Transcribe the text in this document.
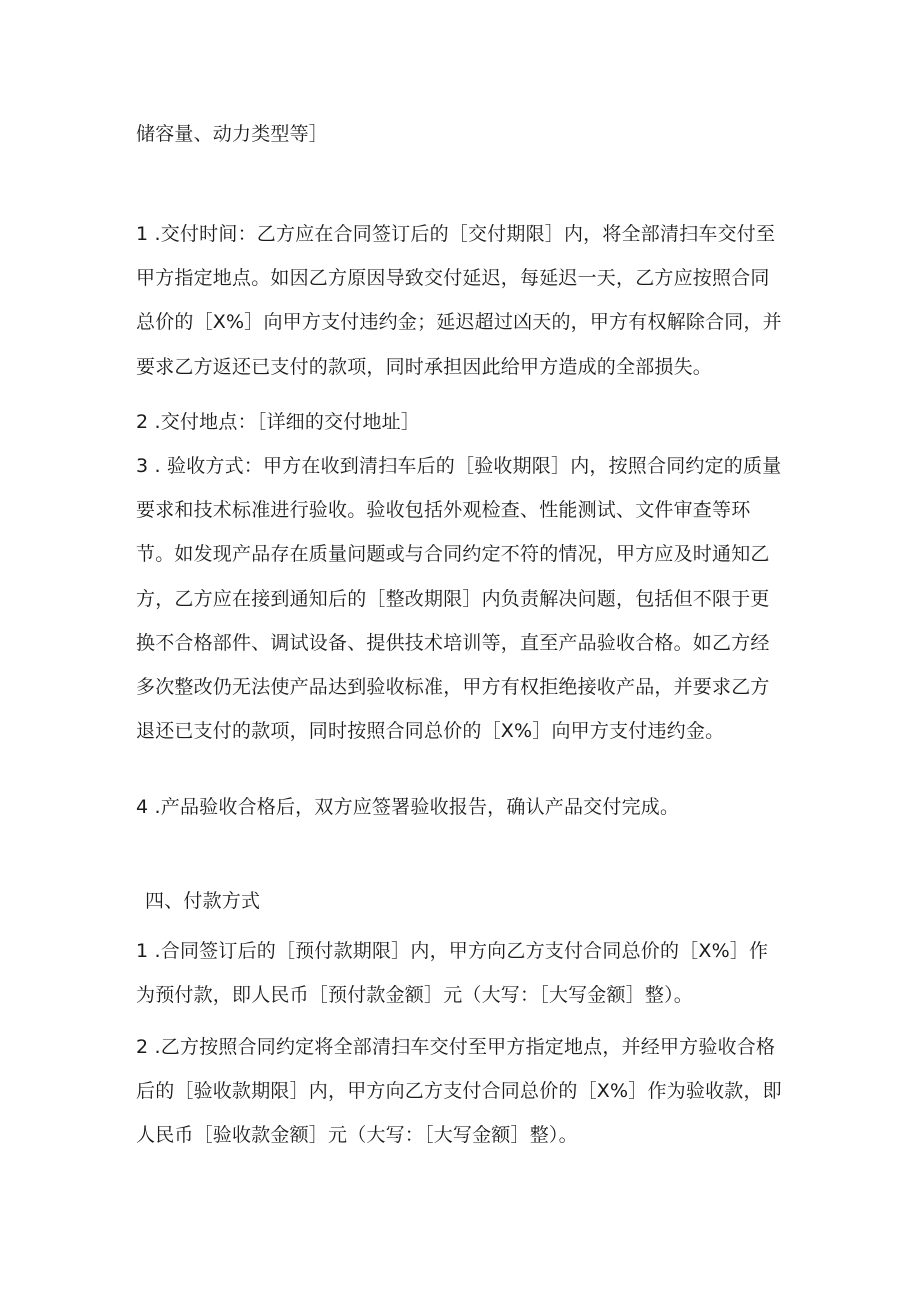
储容量、动力类型等］

1 .交付时间：乙方应在合同签订后的［交付期限］内，将全部清扫车交付至甲方指定地点。如因乙方原因导致交付延迟，每延迟一天，乙方应按照合同总价的［X%］向甲方支付违约金；延迟超过凶天的，甲方有权解除合同，并要求乙方返还已支付的款项，同时承担因此给甲方造成的全部损失。

2 .交付地点：［详细的交付地址］

3 . 验收方式：甲方在收到清扫车后的［验收期限］内，按照合同约定的质量要求和技术标准进行验收。验收包括外观检查、性能测试、文件审查等环节。如发现产品存在质量问题或与合同约定不符的情况，甲方应及时通知乙方，乙方应在接到通知后的［整改期限］内负责解决问题，包括但不限于更换不合格部件、调试设备、提供技术培训等，直至产品验收合格。如乙方经多次整改仍无法使产品达到验收标准，甲方有权拒绝接收产品，并要求乙方退还已支付的款项，同时按照合同总价的［X%］向甲方支付违约金。

4 .产品验收合格后，双方应签署验收报告，确认产品交付完成。

四、付款方式

1 .合同签订后的［预付款期限］内，甲方向乙方支付合同总价的［X%］作为预付款，即人民币［预付款金额］元（大写：［大写金额］整）。

2 .乙方按照合同约定将全部清扫车交付至甲方指定地点，并经甲方验收合格后的［验收款期限］内，甲方向乙方支付合同总价的［X%］作为验收款，即人民币［验收款金额］元（大写：［大写金额］整）。
